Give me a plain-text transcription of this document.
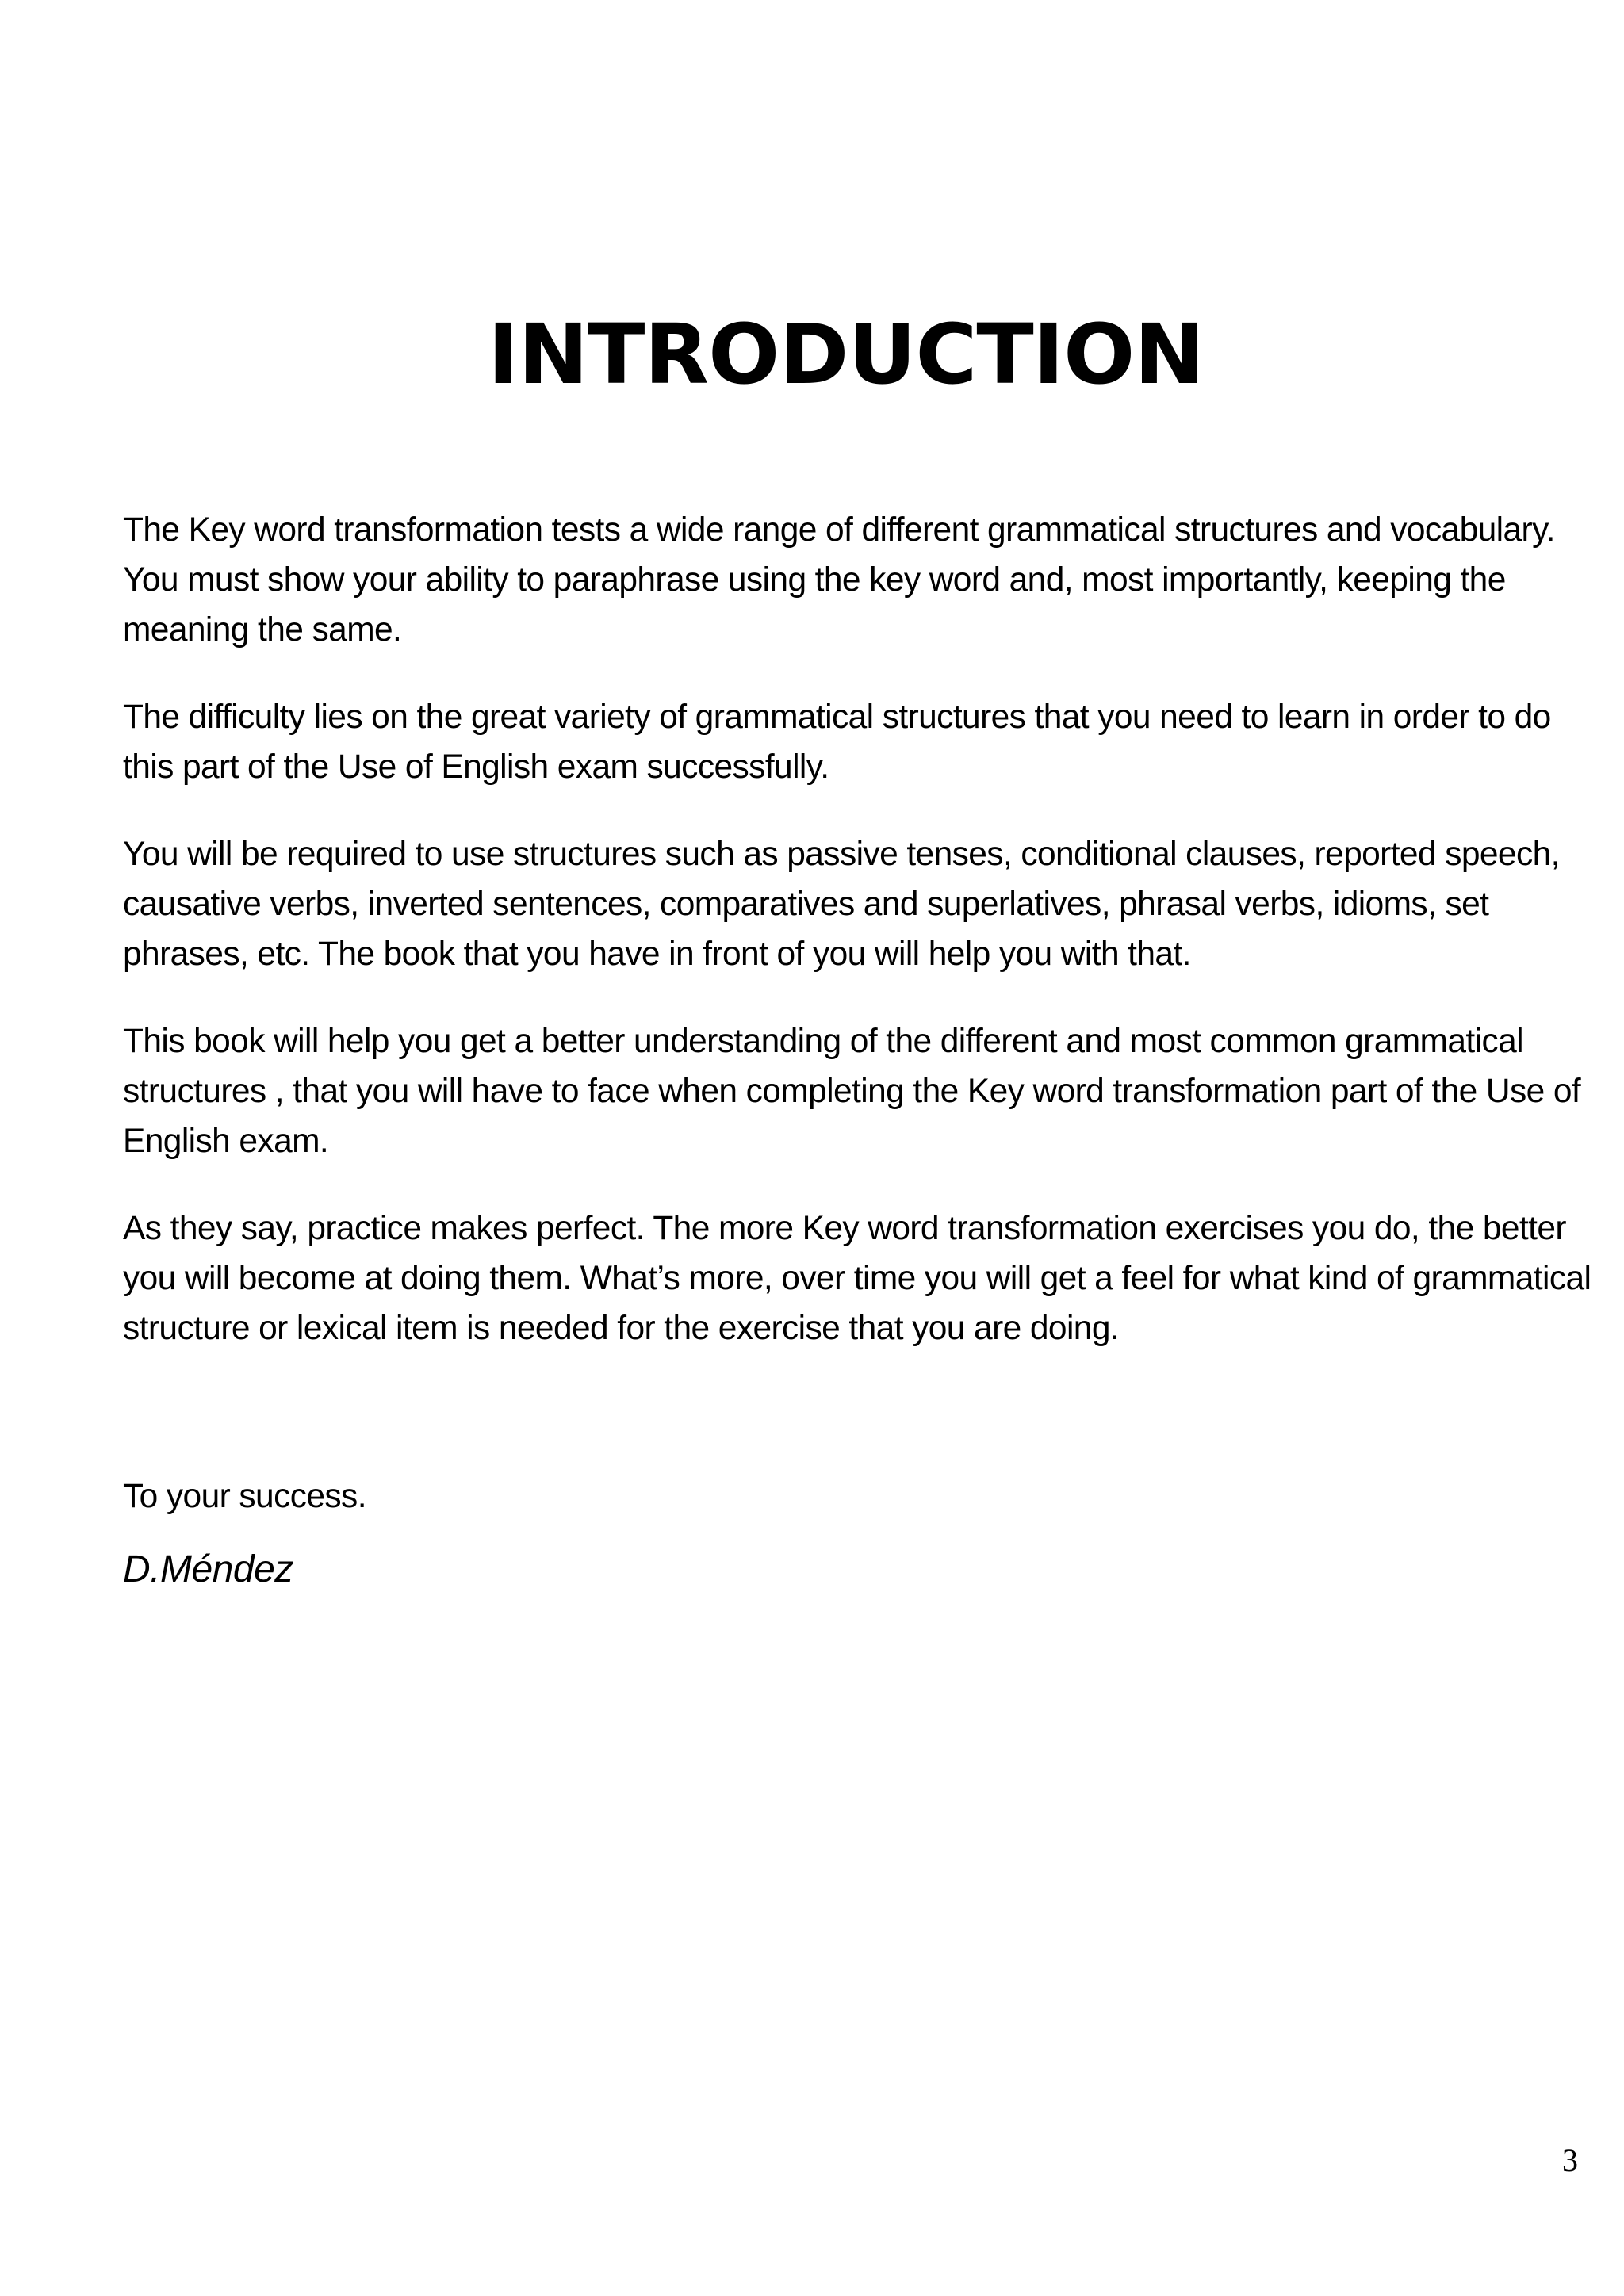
INTRODUCTION

The Key word transformation tests a wide range of different grammatical structures and vocabulary. You must show your ability to paraphrase using the key word and, most importantly, keeping the meaning the same.

The difficulty lies on the great variety of grammatical structures that you need to learn in order to do this part of the Use of English exam successfully.

You will be required to use structures such as passive tenses, conditional clauses, reported speech, causative verbs, inverted sentences, comparatives and superlatives, phrasal verbs, idioms, set phrases, etc. The book that you have in front of you will help you with that.

This book will help you get a better understanding of the different and most common grammatical structures , that you will have to face when completing the Key word transformation part of the Use of English exam.

As they say, practice makes perfect. The more Key word transformation exercises you do, the better you will become at doing them. What’s more, over time you will get a feel for what kind of grammatical structure or lexical item is needed for the exercise that you are doing.

To your success.
D.Méndez
3
